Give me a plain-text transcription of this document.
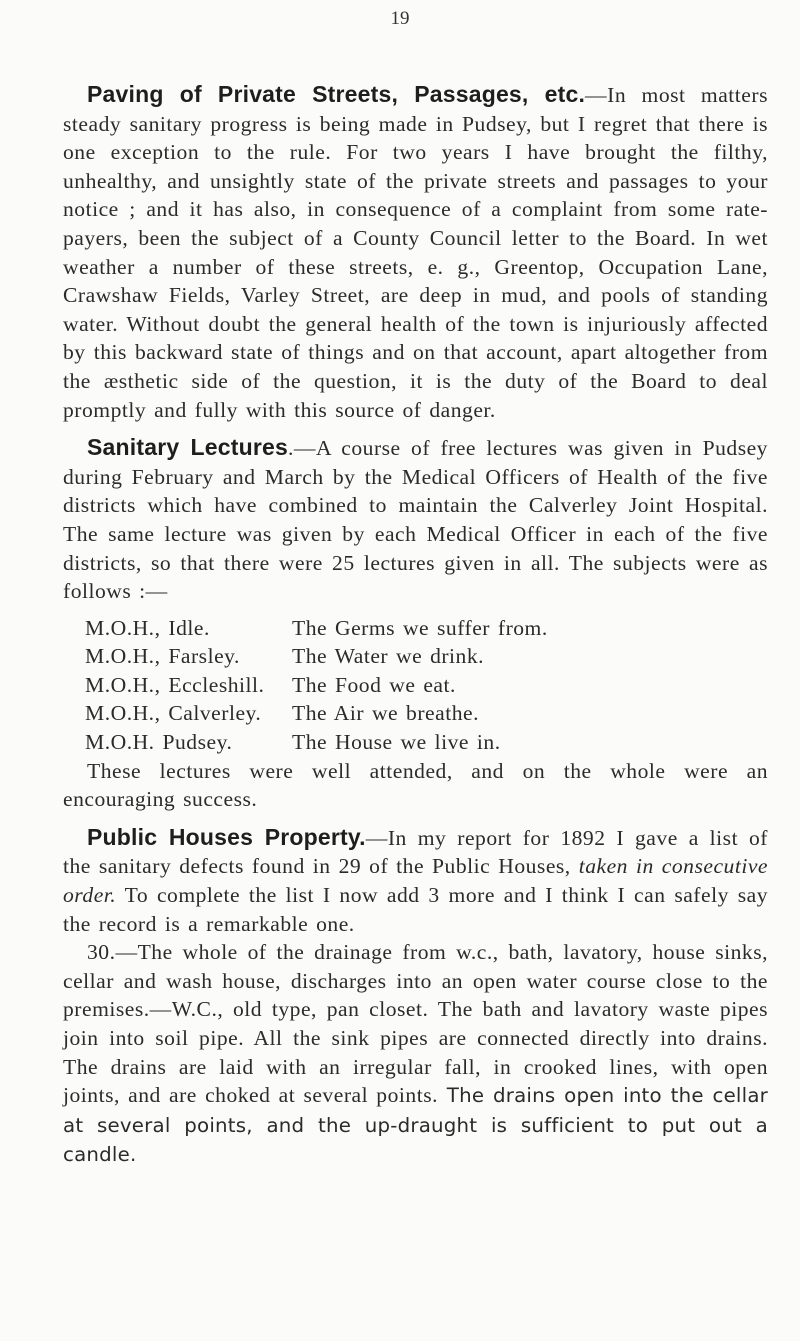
19

Paving of Private Streets, Passages, etc.—In most matters steady sanitary progress is being made in Pudsey, but I regret that there is one exception to the rule. For two years I have brought the filthy, unhealthy, and unsightly state of the private streets and passages to your notice ; and it has also, in consequence of a complaint from some rate-payers, been the subject of a County Council letter to the Board. In wet weather a number of these streets, e. g., Greentop, Occupation Lane, Crawshaw Fields, Varley Street, are deep in mud, and pools of standing water. Without doubt the general health of the town is injuriously affected by this backward state of things and on that account, apart altogether from the æsthetic side of the question, it is the duty of the Board to deal promptly and fully with this source of danger.

Sanitary Lectures.—A course of free lectures was given in Pudsey during February and March by the Medical Officers of Health of the five districts which have combined to maintain the Calverley Joint Hospital. The same lecture was given by each Medical Officer in each of the five districts, so that there were 25 lectures given in all. The subjects were as follows :—

M.O.H., Idle.	The Germs we suffer from.
M.O.H., Farsley.	The Water we drink.
M.O.H., Eccleshill.	The Food we eat.
M.O.H., Calverley.	The Air we breathe.
M.O.H. Pudsey.	The House we live in.

These lectures were well attended, and on the whole were an encouraging success.

Public Houses Property.—In my report for 1892 I gave a list of the sanitary defects found in 29 of the Public Houses, taken in consecutive order. To complete the list I now add 3 more and I think I can safely say the record is a remarkable one.

30.—The whole of the drainage from w.c., bath, lavatory, house sinks, cellar and wash house, discharges into an open water course close to the premises.—W.C., old type, pan closet. The bath and lavatory waste pipes join into soil pipe. All the sink pipes are connected directly into drains. The drains are laid with an irregular fall, in crooked lines, with open joints, and are choked at several points. The drains open into the cellar at several points, and the up-draught is sufficient to put out a candle.
